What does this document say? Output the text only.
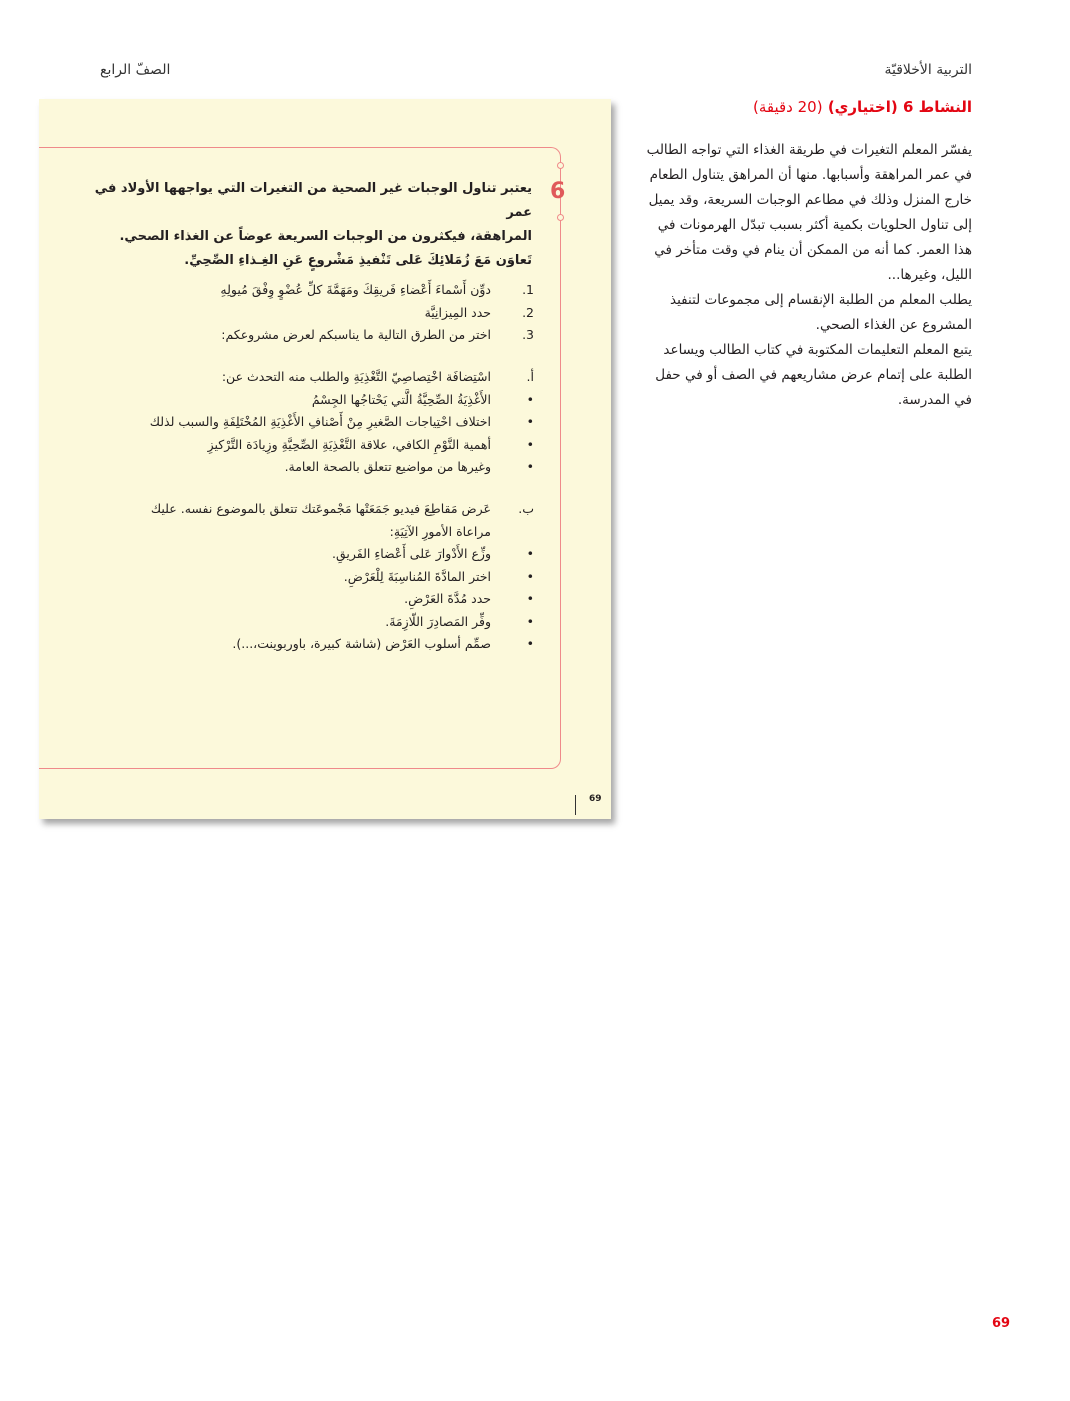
التربية الأخلاقيّة
الصفّ الرابع
النشاط 6 (اختياري) (20 دقيقة)

يفسّر المعلم التغيرات في طريقة الغذاء التي تواجه الطالب في عمر المراهقة وأسبابها. منها أن المراهق يتناول الطعام خارج المنزل وذلك في مطاعم الوجبات السريعة، وقد يميل إلى تناول الحلويات بكمية أكثر بسبب تبدّل الهرمونات في هذا العمر. كما أنه من الممكن أن ينام في وقت متأخر في الليل، وغيرها...

يطلب المعلم من الطلبة الإنقسام إلى مجموعات لتنفيذ المشروع عن الغذاء الصحي.

يتبع المعلم التعليمات المكتوبة في كتاب الطالب ويساعد الطلبة على إتمام عرض مشاريعهم في الصف أو في حفل في المدرسة.

6
يعتبر تناول الوجبات غير الصحية من التغيرات التي يواجهها الأولاد في عمر
المراهقة، فيكثرون من الوجبات السريعة عوضاً عن الغذاء الصحي.
تَعاوَن مَعَ زُمَلائِكَ عَلى تَنْفيذِ مَشْروعٍ عَنِ الغِـذاءِ الصِّحِيِّ.
1.
دوِّن أَسْماءَ أَعْضاءِ فَريقِكَ ومَهَمَّةَ كلِّ عُضْوٍ وِفْقَ مُيولِهِ
2.
حدد المِيزانِيَّة
3.
اختر من الطرق التالية ما يناسبكم لعرض مشروعكم:
أ.
اسْتِضافَة اخْتِصاصِيّ التَّغْذِيَةِ والطلب منه التحدث عن:
•
الأَغْذِيَةُ الصِّحِيَّةُ الَّتي يَحْتاجُها الجِسْمُ
•
اختلاف احْتِياجات الصَّغيرِ مِنْ أَصْنافِ الأَغْذِيَةِ المُخْتَلِفَةِ والسبب لذلك
•
أهمية النَّوْمِ الكافي، علاقة التَّغْذِيَةِ الصِّحِيَّةِ وزِيادَة التَّرْكيزِ
•
وغيرها من مواضيع تتعلق بالصحة العامة.
ب.
عَرض مَقاطِعَ فيديو جَمَعَتْها مَجْموعَتك تتعلق بالموضوع نفسه. عليك
مراعاة الأمورِ الآتِيَةِ:
•
وزِّع الأَدْوارَ عَلى أَعْضاءِ الفَريقِ.
•
اختر المادَّةَ المُناسِبَةَ لِلْعَرْضِ.
•
حدد مُدَّةَ العَرْضِ.
•
وفِّر المَصادِرَ اللّازِمَةَ.
•
صمِّم أسلوب العَرْض (شاشة كبيرة، باوربوينت،...).
69
69
